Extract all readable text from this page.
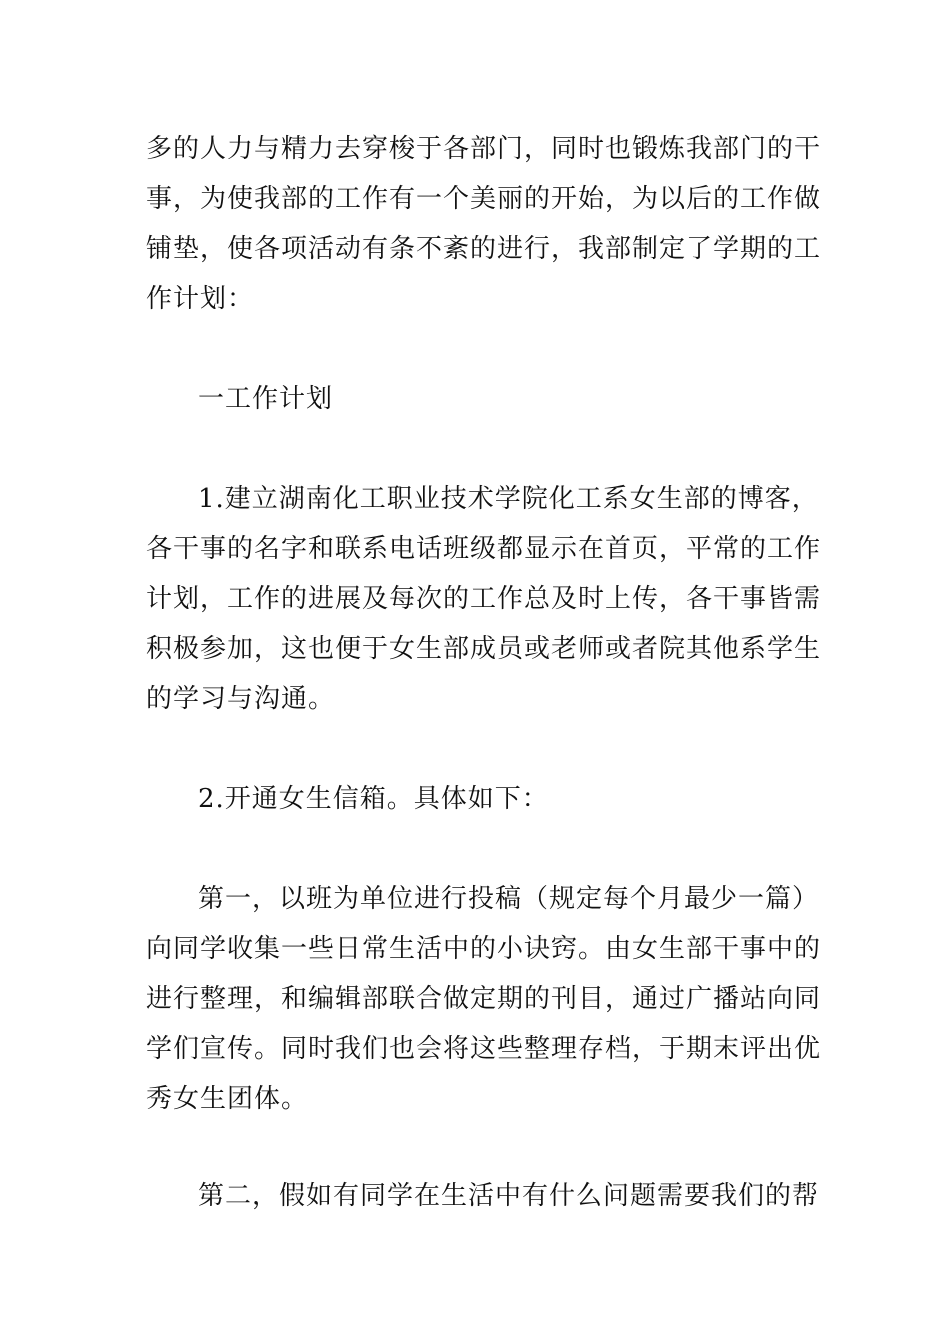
多的人力与精力去穿梭于各部门，同时也锻炼我部门的干
事，为使我部的工作有一个美丽的开始，为以后的工作做
铺垫，使各项活动有条不紊的进行，我部制定了学期的工
作计划：
一工作计划
1.建立湖南化工职业技术学院化工系女生部的博客，
各干事的名字和联系电话班级都显示在首页，平常的工作
计划，工作的进展及每次的工作总及时上传，各干事皆需
积极参加，这也便于女生部成员或老师或者院其他系学生
的学习与沟通。
2.开通女生信箱。具体如下：
第一，以班为单位进行投稿（规定每个月最少一篇）
向同学收集一些日常生活中的小诀窍。由女生部干事中的
进行整理，和编辑部联合做定期的刊目，通过广播站向同
学们宣传。同时我们也会将这些整理存档，于期末评出优
秀女生团体。
第二，假如有同学在生活中有什么问题需要我们的帮
